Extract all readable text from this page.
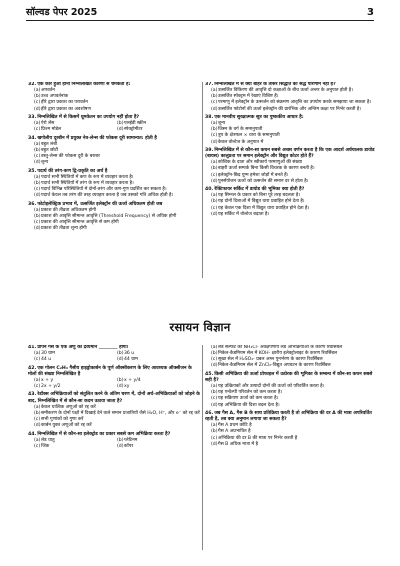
सॉल्वड पेपर 2025	3
32.एक कार हुआ होना निम्नलिखित कारणों से चमकता है:
(a)अपवर्तन
(b)उच्च अपवर्तनांक
(c)हीरे द्वारा प्रकाश का परावर्तन
(d)हीरे द्वारा प्रकाश का अवशोषण
33.निम्नलिखित में से किसमें धूमकेतन का उपयोग नहीं होता है?
(a)ऐरो लेंस	(b)एलईडी स्क्रीन
(c)प्रिज्म मोडेल	(d)स्पेक्ट्रोमीटर
34.खगोलीय दूरबीन में प्रयुक्त नेत्र-लेन्स की फोकस दूरी सामान्यत: होती है
(a)बहुत लंबी
(b)बहुत छोटी
(c)वस्तु-लेन्स की फोकस दूरी के बराबर
(d)शून्य
35.पदार्थ की तरंग-कण द्वि-प्रकृति का अर्थ है
(a)पदार्थ सभी स्थितियों में कण के रूप में व्यवहार करता है।
(b)पदार्थ सभी स्थितियों में तरंग के रूप में व्यवहार करता है।
(c)पदार्थ विभिन्न परिस्थितियों में दोनों-तरंग और कण-गुण प्रदर्शित कर सकता है।
(d)पदार्थ केवल तब तरंग की तरह व्यवहार करता है जब उसको गति अधिक होती है।
36.फोटोइलेक्ट्रिक प्रभाव में, उत्सर्जित इलेक्ट्रॉन की ऊर्जा अधिकतम होती जब
(a)प्रकाश की तीव्रता अधिकतम होगी
(b)प्रकाश की आवृत्ति सीमान्त आवृत्ति (Threshold Frequency) से अधिक होगी
(c)प्रकाश की आवृत्ति सीमान्त आवृत्ति से कम होगी
(d)प्रकाश की तीव्रता शून्य होगी
37.निम्नलिखित में से क्या बोहर के तीसरे सिद्धांत का सैद्ध परिणाम नहीं है?
(a)उत्सर्जित विकिरण की आवृत्ति दो कक्षाओं के बीच ऊर्जा अन्तर के अनुपात होती है।
(b)उत्सर्जित स्पेक्ट्रम में रेखाएं विशिष्ट हैं।
(c)परमाणु में इलेक्ट्रॉन के उत्सर्जन को संक्रमण आवृत्ति का उपयोग करके समझाया जा सकता है।
(d)उत्सर्जित फोटोनों की ऊर्जा इलेक्ट्रॉन की प्रारंभिक और अन्तिम कक्षा पर निर्भर करती है।
38.एक मानवीय सुरक्षात्मक सूत्र का पुष्ककीय आधार है:
(a)शून्य
(b)जिस्म के वर्ग के समानुपाती
(c)त्रुय के क्षेत्रफल × धारा के समानुपाती
(d)केवल वोल्टेज के अनुपात में
39.निम्नलिखित में से कौन-सा कथन सबसे अच्छा वर्णन करता है कि एक आदर्श अर्धचालक डायोड (बायस) कालुप्रता पर समान इलेक्ट्रॉन और विद्युत कोटर होते हैं?
(a)कोशिक के दाता और स्वीकार्य परमाणुओं की संख्या
(b)बाहरी ऊर्जा सम्पर्क बिना किसी विचरक के कारण बनती है।
(c)इलेक्ट्रॉन-छिद्र युग्म हमेशा जोड़ों में बनते हैं।
(d)पुनर्संयोजन ऊर्जा को उत्सर्जन की समान दर से होता है।
40.रेक्टिफायर सर्किट में डायोड की भूमिका क्या होती है?
(a)यह सिग्नल के प्रकार को बिना पूरे तरह बदलता है।
(b)यह दोनों दिशाओं में विद्युत धारा प्रवाहित होने देता है।
(c)यह केवल एक दिशा में विद्युत धारा प्रवाहित होने देता है।
(d)यह सर्किट में वोल्टेज बढ़ाता है।
रसायन विज्ञान
41.प्रोपेन गैस के एक अणु का द्रव्यमान ________ होगा।
(a)30 ग्राम	(b)36 u
(c)44 u	(d)44 ग्राम
42.एक गोलन C₂H₄ गैसीय हाइड्रोकार्बन के पूर्ण ऑक्सीकरण के लिए आवश्यक ऑक्सीजन के मोलों की संख्या निम्नलिखित है
(a)x + y	(b)x + y/4
(c)2x + y/2	(d)xy
43.रेडॉक्स अभिक्रियाओं को संतुलित करने के अंतिम चरण में, दोनों अर्ध-अभिक्रियाओं को जोड़ने के बाद, निम्नलिखित में से कौन-सा कदम उठाया जाता है?
(a)केवल धात्विक अणुओं को रद्द करें
(b)समीकरण के दोनों पक्षों में दिखाई देने वाले समान प्रजातियों जैसे H₂O, H⁺, और e⁻ को रद्द करें
(c)सभी गुणांकों को गुणा करें
(d)कार्बन युक्त अणुओं को रद्द करें
44.निम्नलिखित में से कौन-सा इलेक्ट्रोड का प्रकार सबसे कम अभिक्रिया करता है?
(a)लेड धातु	(b)प्लेटिनम
(c)जिंक	(d)कॉपर
(a)लेड सल्फेट का NH₄Cl- अवक्षेपणीय लेड अभिक्रियाओं के कारण रिवर्सिबल
(b)निकेल-कैडमियम सेल में KOH- क्षारीय इलेक्ट्रोलाइट के कारण रिवर्सिबल
(c)सूखा सेल में H₂SO₄- प्रबल अम्ल पुनर्भरण के कारण रिवर्सिबल
(d)निकेल-कैडमियम सेल में ZnCl₂-विद्युत अपघटन के कारण रिवर्सिबल
45.किसी अभिक्रिया की ऊर्जा प्रोफाइल में उत्प्रेरक की भूमिका के सम्बन्ध में कौन-सा कथन सबसे सही है?
(a)यह उत्क्रियकों और उत्पादों दोनों की ऊर्जा को परिवर्तित करता है।
(b)यह एन्थैल्पी परिवर्तन को कम करता है।
(c)यह सक्रियण ऊर्जा को कम करता है।
(d)यह अभिक्रिया की दिशा बदल देता है।
46.जब गैस A, गैस B के साथ प्रतिक्रिया करती है तो अभिक्रिया की दर A की मात्रा अपरिवर्तित रहती है, तब क्या अनुमान लगाया जा सकता है?
(a)गैस A प्रथम कोटि है
(b)गैस A अप्रभावित है
(c)अभिक्रिया की दर B की मात्रा पर निर्भर करती है
(d)गैस B अधिक मात्रा में है
